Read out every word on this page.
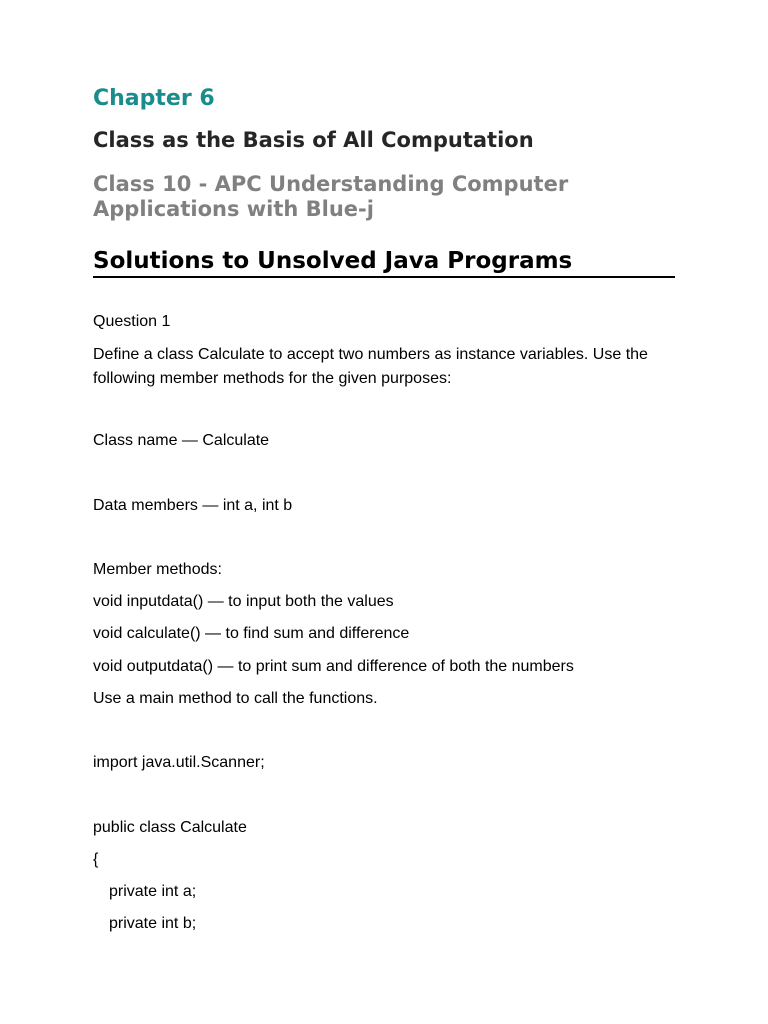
Chapter 6
Class as the Basis of All Computation
Class 10 - APC Understanding Computer Applications with Blue-j
Solutions to Unsolved Java Programs
Question 1
Define a class Calculate to accept two numbers as instance variables. Use the following member methods for the given purposes:
Class name — Calculate
Data members — int a, int b
Member methods:
void inputdata() — to input both the values
void calculate() — to find sum and difference
void outputdata() — to print sum and difference of both the numbers
Use a main method to call the functions.
import java.util.Scanner;
public class Calculate
{
private int a;
private int b;
